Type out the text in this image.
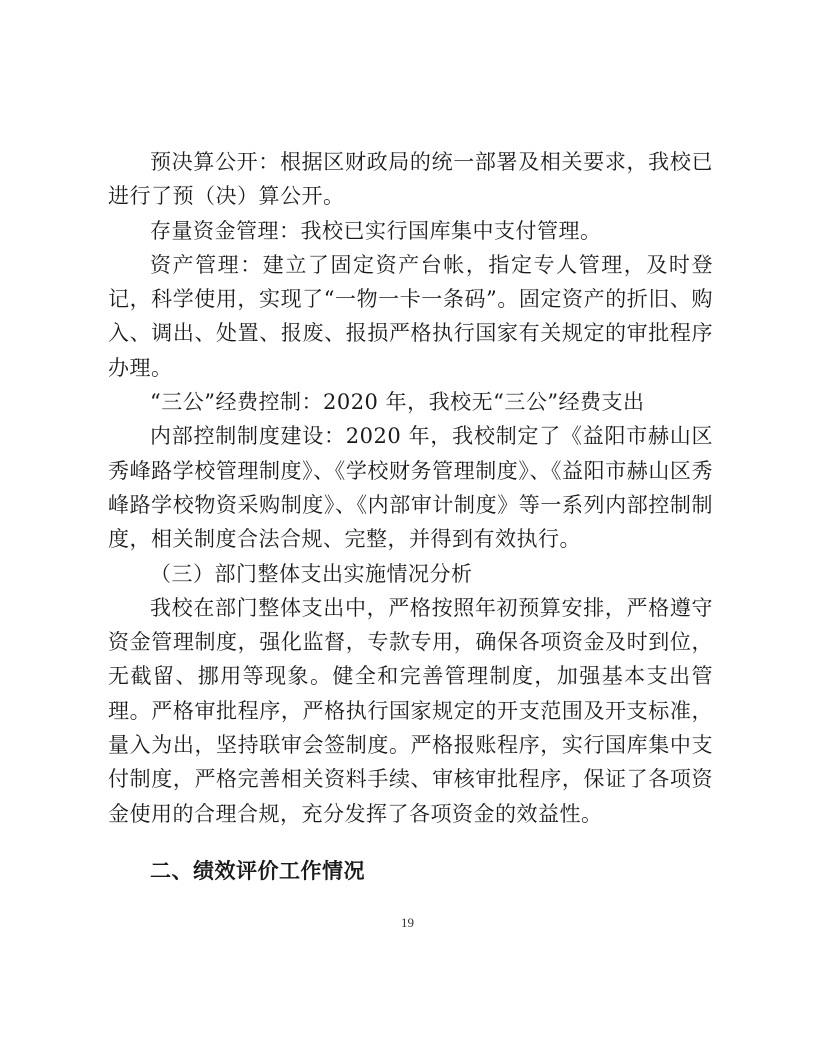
预决算公开：根据区财政局的统一部署及相关要求，我校已进行了预（决）算公开。

存量资金管理：我校已实行国库集中支付管理。

资产管理：建立了固定资产台帐，指定专人管理，及时登记，科学使用，实现了“一物一卡一条码”。固定资产的折旧、购入、调出、处置、报废、报损严格执行国家有关规定的审批程序办理。

“三公”经费控制：2020 年，我校无“三公”经费支出

内部控制制度建设：2020 年，我校制定了《益阳市赫山区秀峰路学校管理制度》、《学校财务管理制度》、《益阳市赫山区秀峰路学校物资采购制度》、《内部审计制度》等一系列内部控制制度，相关制度合法合规、完整，并得到有效执行。

（三）部门整体支出实施情况分析

我校在部门整体支出中，严格按照年初预算安排，严格遵守资金管理制度，强化监督，专款专用，确保各项资金及时到位，无截留、挪用等现象。健全和完善管理制度，加强基本支出管理。严格审批程序，严格执行国家规定的开支范围及开支标准，量入为出，坚持联审会签制度。严格报账程序，实行国库集中支付制度，严格完善相关资料手续、审核审批程序，保证了各项资金使用的合理合规，充分发挥了各项资金的效益性。

二、绩效评价工作情况
19
